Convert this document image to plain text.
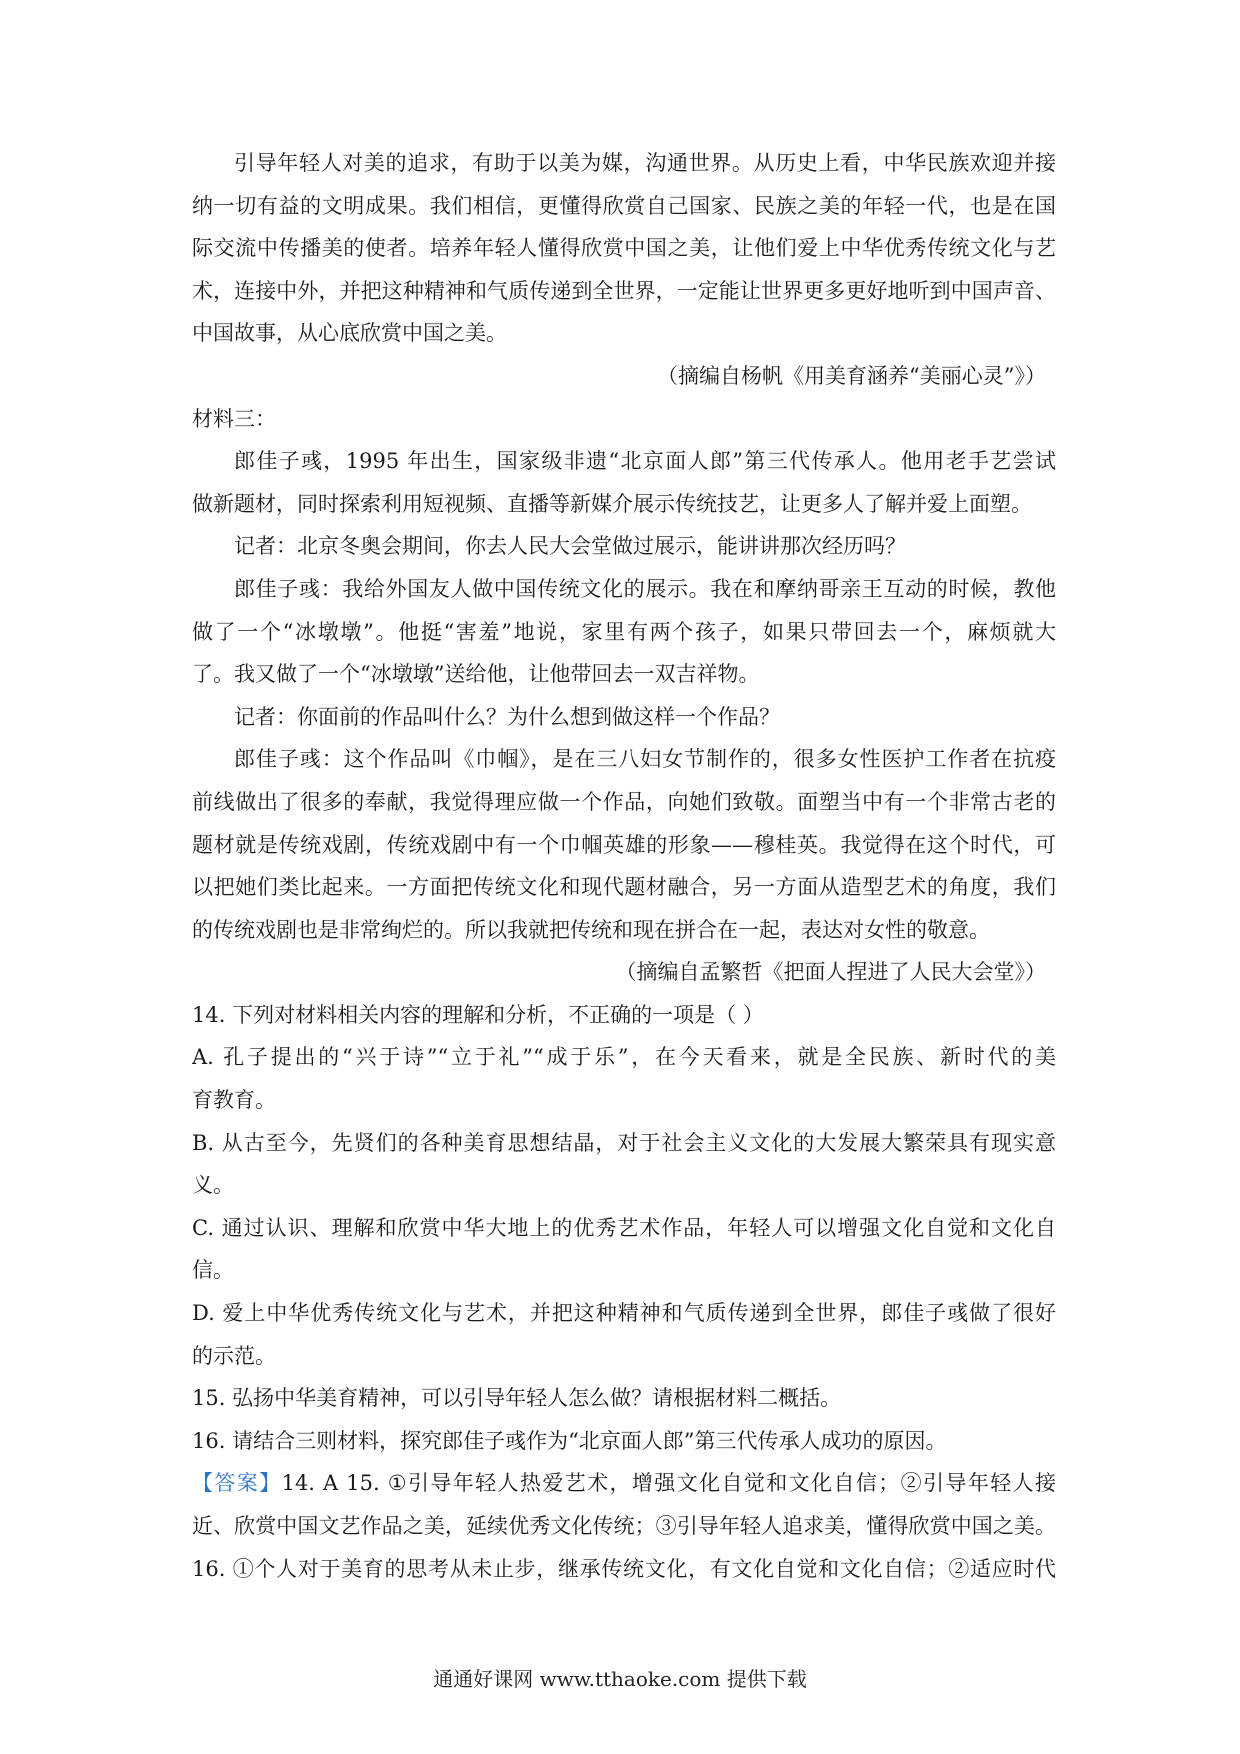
引导年轻人对美的追求，有助于以美为媒，沟通世界。从历史上看，中华民族欢迎并接
纳一切有益的文明成果。我们相信，更懂得欣赏自己国家、民族之美的年轻一代，也是在国
际交流中传播美的使者。培养年轻人懂得欣赏中国之美，让他们爱上中华优秀传统文化与艺
术，连接中外，并把这种精神和气质传递到全世界，一定能让世界更多更好地听到中国声音、
中国故事，从心底欣赏中国之美。
（摘编自杨帆《用美育涵养“美丽心灵”》）
材料三：
郎佳子彧，1995 年出生，国家级非遗“北京面人郎”第三代传承人。他用老手艺尝试
做新题材，同时探索利用短视频、直播等新媒介展示传统技艺，让更多人了解并爱上面塑。
记者：北京冬奥会期间，你去人民大会堂做过展示，能讲讲那次经历吗？
郎佳子彧：我给外国友人做中国传统文化的展示。我在和摩纳哥亲王互动的时候，教他
做了一个“冰墩墩”。他挺“害羞”地说，家里有两个孩子，如果只带回去一个，麻烦就大
了。我又做了一个“冰墩墩”送给他，让他带回去一双吉祥物。
记者：你面前的作品叫什么？为什么想到做这样一个作品？
郎佳子彧：这个作品叫《巾帼》，是在三八妇女节制作的，很多女性医护工作者在抗疫
前线做出了很多的奉献，我觉得理应做一个作品，向她们致敬。面塑当中有一个非常古老的
题材就是传统戏剧，传统戏剧中有一个巾帼英雄的形象——穆桂英。我觉得在这个时代，可
以把她们类比起来。一方面把传统文化和现代题材融合，另一方面从造型艺术的角度，我们
的传统戏剧也是非常绚烂的。所以我就把传统和现在拼合在一起，表达对女性的敬意。
（摘编自孟繁哲《把面人捏进了人民大会堂》）
14. 下列对材料相关内容的理解和分析，不正确的一项是（ ）
A. 孔子提出的“兴于诗”“立于礼”“成于乐”，在今天看来，就是全民族、新时代的美
育教育。
B. 从古至今，先贤们的各种美育思想结晶，对于社会主义文化的大发展大繁荣具有现实意
义。
C. 通过认识、理解和欣赏中华大地上的优秀艺术作品，年轻人可以增强文化自觉和文化自
信。
D. 爱上中华优秀传统文化与艺术，并把这种精神和气质传递到全世界，郎佳子彧做了很好
的示范。
15. 弘扬中华美育精神，可以引导年轻人怎么做？请根据材料二概括。
16. 请结合三则材料，探究郎佳子彧作为“北京面人郎”第三代传承人成功的原因。
【答案】14. A 15. ①引导年轻人热爱艺术，增强文化自觉和文化自信；②引导年轻人接
近、欣赏中国文艺作品之美，延续优秀文化传统；③引导年轻人追求美，懂得欣赏中国之美。
16. ①个人对于美育的思考从未止步，继承传统文化，有文化自觉和文化自信；②适应时代
通通好课网 www.tthaoke.com 提供下载
